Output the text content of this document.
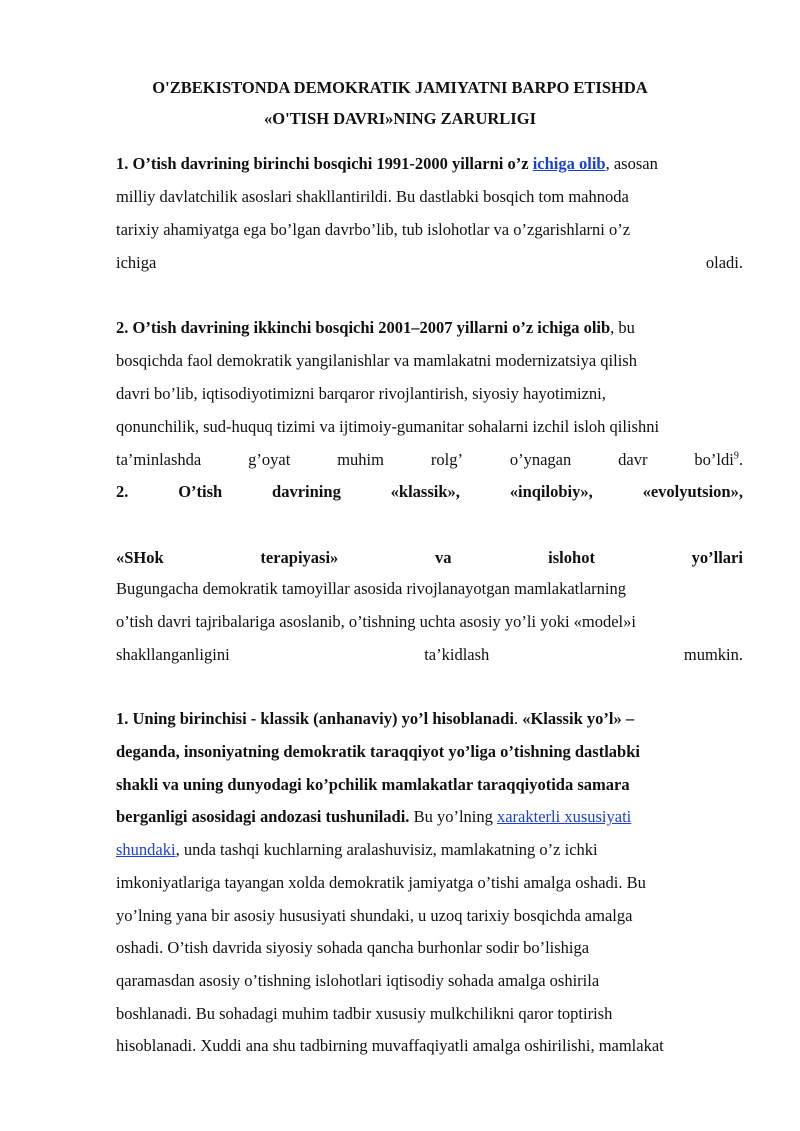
O'ZBEKISTONDA DEMOKRATIK JAMIYATNI BARPO ETISHDA
«O'TISH DAVRI»NING ZARURLIGI
1. O’tish davrining birinchi bosqichi 1991-2000 yillarni o’z ichiga olib, asosan
milliy davlatchilik asoslari shakllantirildi. Bu dastlabki bosqich tom mahnoda
tarixiy ahamiyatga ega bo’lgan davrbo’lib, tub islohotlar va o’zgarishlarni o’z
ichiga	oladi.
2. O’tish davrining ikkinchi bosqichi 2001–2007 yillarni o’z ichiga olib, bu
bosqichda faol demokratik yangilanishlar va mamlakatni modernizatsiya qilish
davri bo’lib, iqtisodiyotimizni barqaror rivojlantirish, siyosiy hayotimizni,
qonunchilik, sud-huquq tizimi va ijtimoiy-gumanitar sohalarni izchil isloh qilishni
ta’minlashda	g’oyat	muhim	rolg’	o’ynagan	davr	bo’ldi$^9$.
2.	O’tish	davrining	«klassik»,	«inqilobiy»,	«evolyutsion»,
«SHok	terapiyasi»	va	islohot	yo’llari
Bugungacha demokratik tamoyillar asosida rivojlanayotgan mamlakatlarning
o’tish davri tajribalariga asoslanib, o’tishning uchta asosiy yo’li yoki «model»i
shakllanganligini	ta’kidlash	mumkin.
1. Uning birinchisi - klassik (anhanaviy) yo’l hisoblanadi. «Klassik yo’l» –
deganda, insoniyatning demokratik taraqqiyot yo’liga o’tishning dastlabki
shakli va uning dunyodagi ko’pchilik mamlakatlar taraqqiyotida samara
berganligi asosidagi andozasi tushuniladi. Bu yo’lning xarakterli xususiyati
shundaki, unda tashqi kuchlarning aralashuvisiz, mamlakatning o’z ichki
imkoniyatlariga tayangan xolda demokratik jamiyatga o’tishi amalga oshadi. Bu
yo’lning yana bir asosiy hususiyati shundaki, u uzoq tarixiy bosqichda amalga
oshadi. O’tish davrida siyosiy sohada qancha burhonlar sodir bo’lishiga
qaramasdan asosiy o’tishning islohotlari iqtisodiy sohada amalga oshirila
boshlanadi. Bu sohadagi muhim tadbir xususiy mulkchilikni qaror toptirish
hisoblanadi. Xuddi ana shu tadbirning muvaffaqiyatli amalga oshirilishi, mamlakat
